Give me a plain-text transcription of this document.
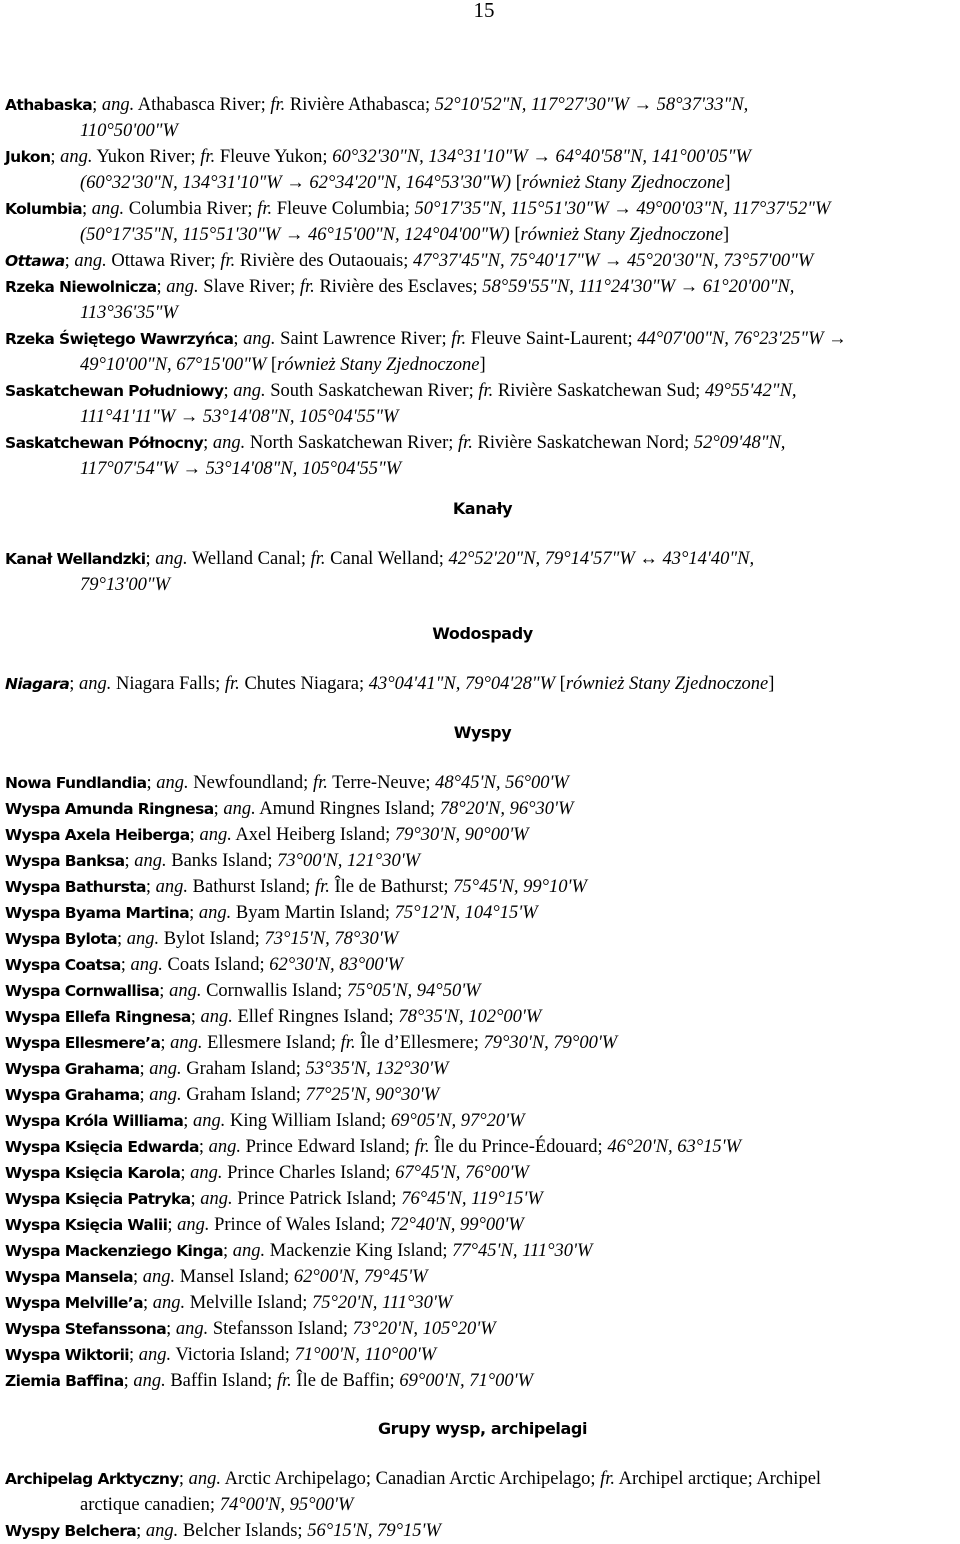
15
Athabaska; ang. Athabasca River; fr. Rivière Athabasca; 52°10'52"N, 117°27'30"W → 58°37'33"N,
110°50'00"W
Jukon; ang. Yukon River; fr. Fleuve Yukon; 60°32'30"N, 134°31'10"W → 64°40'58"N, 141°00'05"W
(60°32'30"N, 134°31'10"W → 62°34'20"N, 164°53'30"W) [również Stany Zjednoczone]
Kolumbia; ang. Columbia River; fr. Fleuve Columbia; 50°17'35"N, 115°51'30"W → 49°00'03"N, 117°37'52"W
(50°17'35"N, 115°51'30"W → 46°15'00"N, 124°04'00"W) [również Stany Zjednoczone]
Ottawa; ang. Ottawa River; fr. Rivière des Outaouais; 47°37'45"N, 75°40'17"W → 45°20'30"N, 73°57'00"W
Rzeka Niewolnicza; ang. Slave River; fr. Rivière des Esclaves; 58°59'55"N, 111°24'30"W → 61°20'00"N,
113°36'35"W
Rzeka Świętego Wawrzyńca; ang. Saint Lawrence River; fr. Fleuve Saint-Laurent; 44°07'00"N, 76°23'25"W →
49°10'00"N, 67°15'00"W [również Stany Zjednoczone]
Saskatchewan Południowy; ang. South Saskatchewan River; fr. Rivière Saskatchewan Sud; 49°55'42"N,
111°41'11"W → 53°14'08"N, 105°04'55"W
Saskatchewan Północny; ang. North Saskatchewan River; fr. Rivière Saskatchewan Nord; 52°09'48"N,
117°07'54"W → 53°14'08"N, 105°04'55"W
Kanały
Kanał Wellandzki; ang. Welland Canal; fr. Canal Welland; 42°52'20"N, 79°14'57"W ↔ 43°14'40"N,
79°13'00"W
Wodospady
Niagara; ang. Niagara Falls; fr. Chutes Niagara; 43°04'41"N, 79°04'28"W [również Stany Zjednoczone]
Wyspy
Nowa Fundlandia; ang. Newfoundland; fr. Terre-Neuve; 48°45'N, 56°00'W
Wyspa Amunda Ringnesa; ang. Amund Ringnes Island; 78°20'N, 96°30'W
Wyspa Axela Heiberga; ang. Axel Heiberg Island; 79°30'N, 90°00'W
Wyspa Banksa; ang. Banks Island; 73°00'N, 121°30'W
Wyspa Bathursta; ang. Bathurst Island; fr. Île de Bathurst; 75°45'N, 99°10'W
Wyspa Byama Martina; ang. Byam Martin Island; 75°12'N, 104°15'W
Wyspa Bylota; ang. Bylot Island; 73°15'N, 78°30'W
Wyspa Coatsa; ang. Coats Island; 62°30'N, 83°00'W
Wyspa Cornwallisa; ang. Cornwallis Island; 75°05'N, 94°50'W
Wyspa Ellefa Ringnesa; ang. Ellef Ringnes Island; 78°35'N, 102°00'W
Wyspa Ellesmere’a; ang. Ellesmere Island; fr. Île d’Ellesmere; 79°30'N, 79°00'W
Wyspa Grahama; ang. Graham Island; 53°35'N, 132°30'W
Wyspa Grahama; ang. Graham Island; 77°25'N, 90°30'W
Wyspa Króla Williama; ang. King William Island; 69°05'N, 97°20'W
Wyspa Księcia Edwarda; ang. Prince Edward Island; fr. Île du Prince-Édouard; 46°20'N, 63°15'W
Wyspa Księcia Karola; ang. Prince Charles Island; 67°45'N, 76°00'W
Wyspa Księcia Patryka; ang. Prince Patrick Island; 76°45'N, 119°15'W
Wyspa Księcia Walii; ang. Prince of Wales Island; 72°40'N, 99°00'W
Wyspa Mackenziego Kinga; ang. Mackenzie King Island; 77°45'N, 111°30'W
Wyspa Mansela; ang. Mansel Island; 62°00'N, 79°45'W
Wyspa Melville’a; ang. Melville Island; 75°20'N, 111°30'W
Wyspa Stefanssona; ang. Stefansson Island; 73°20'N, 105°20'W
Wyspa Wiktorii; ang. Victoria Island; 71°00'N, 110°00'W
Ziemia Baffina; ang. Baffin Island; fr. Île de Baffin; 69°00'N, 71°00'W
Grupy wysp, archipelagi
Archipelag Arktyczny; ang. Arctic Archipelago; Canadian Arctic Archipelago; fr. Archipel arctique; Archipel
arctique canadien; 74°00'N, 95°00'W
Wyspy Belchera; ang. Belcher Islands; 56°15'N, 79°15'W
